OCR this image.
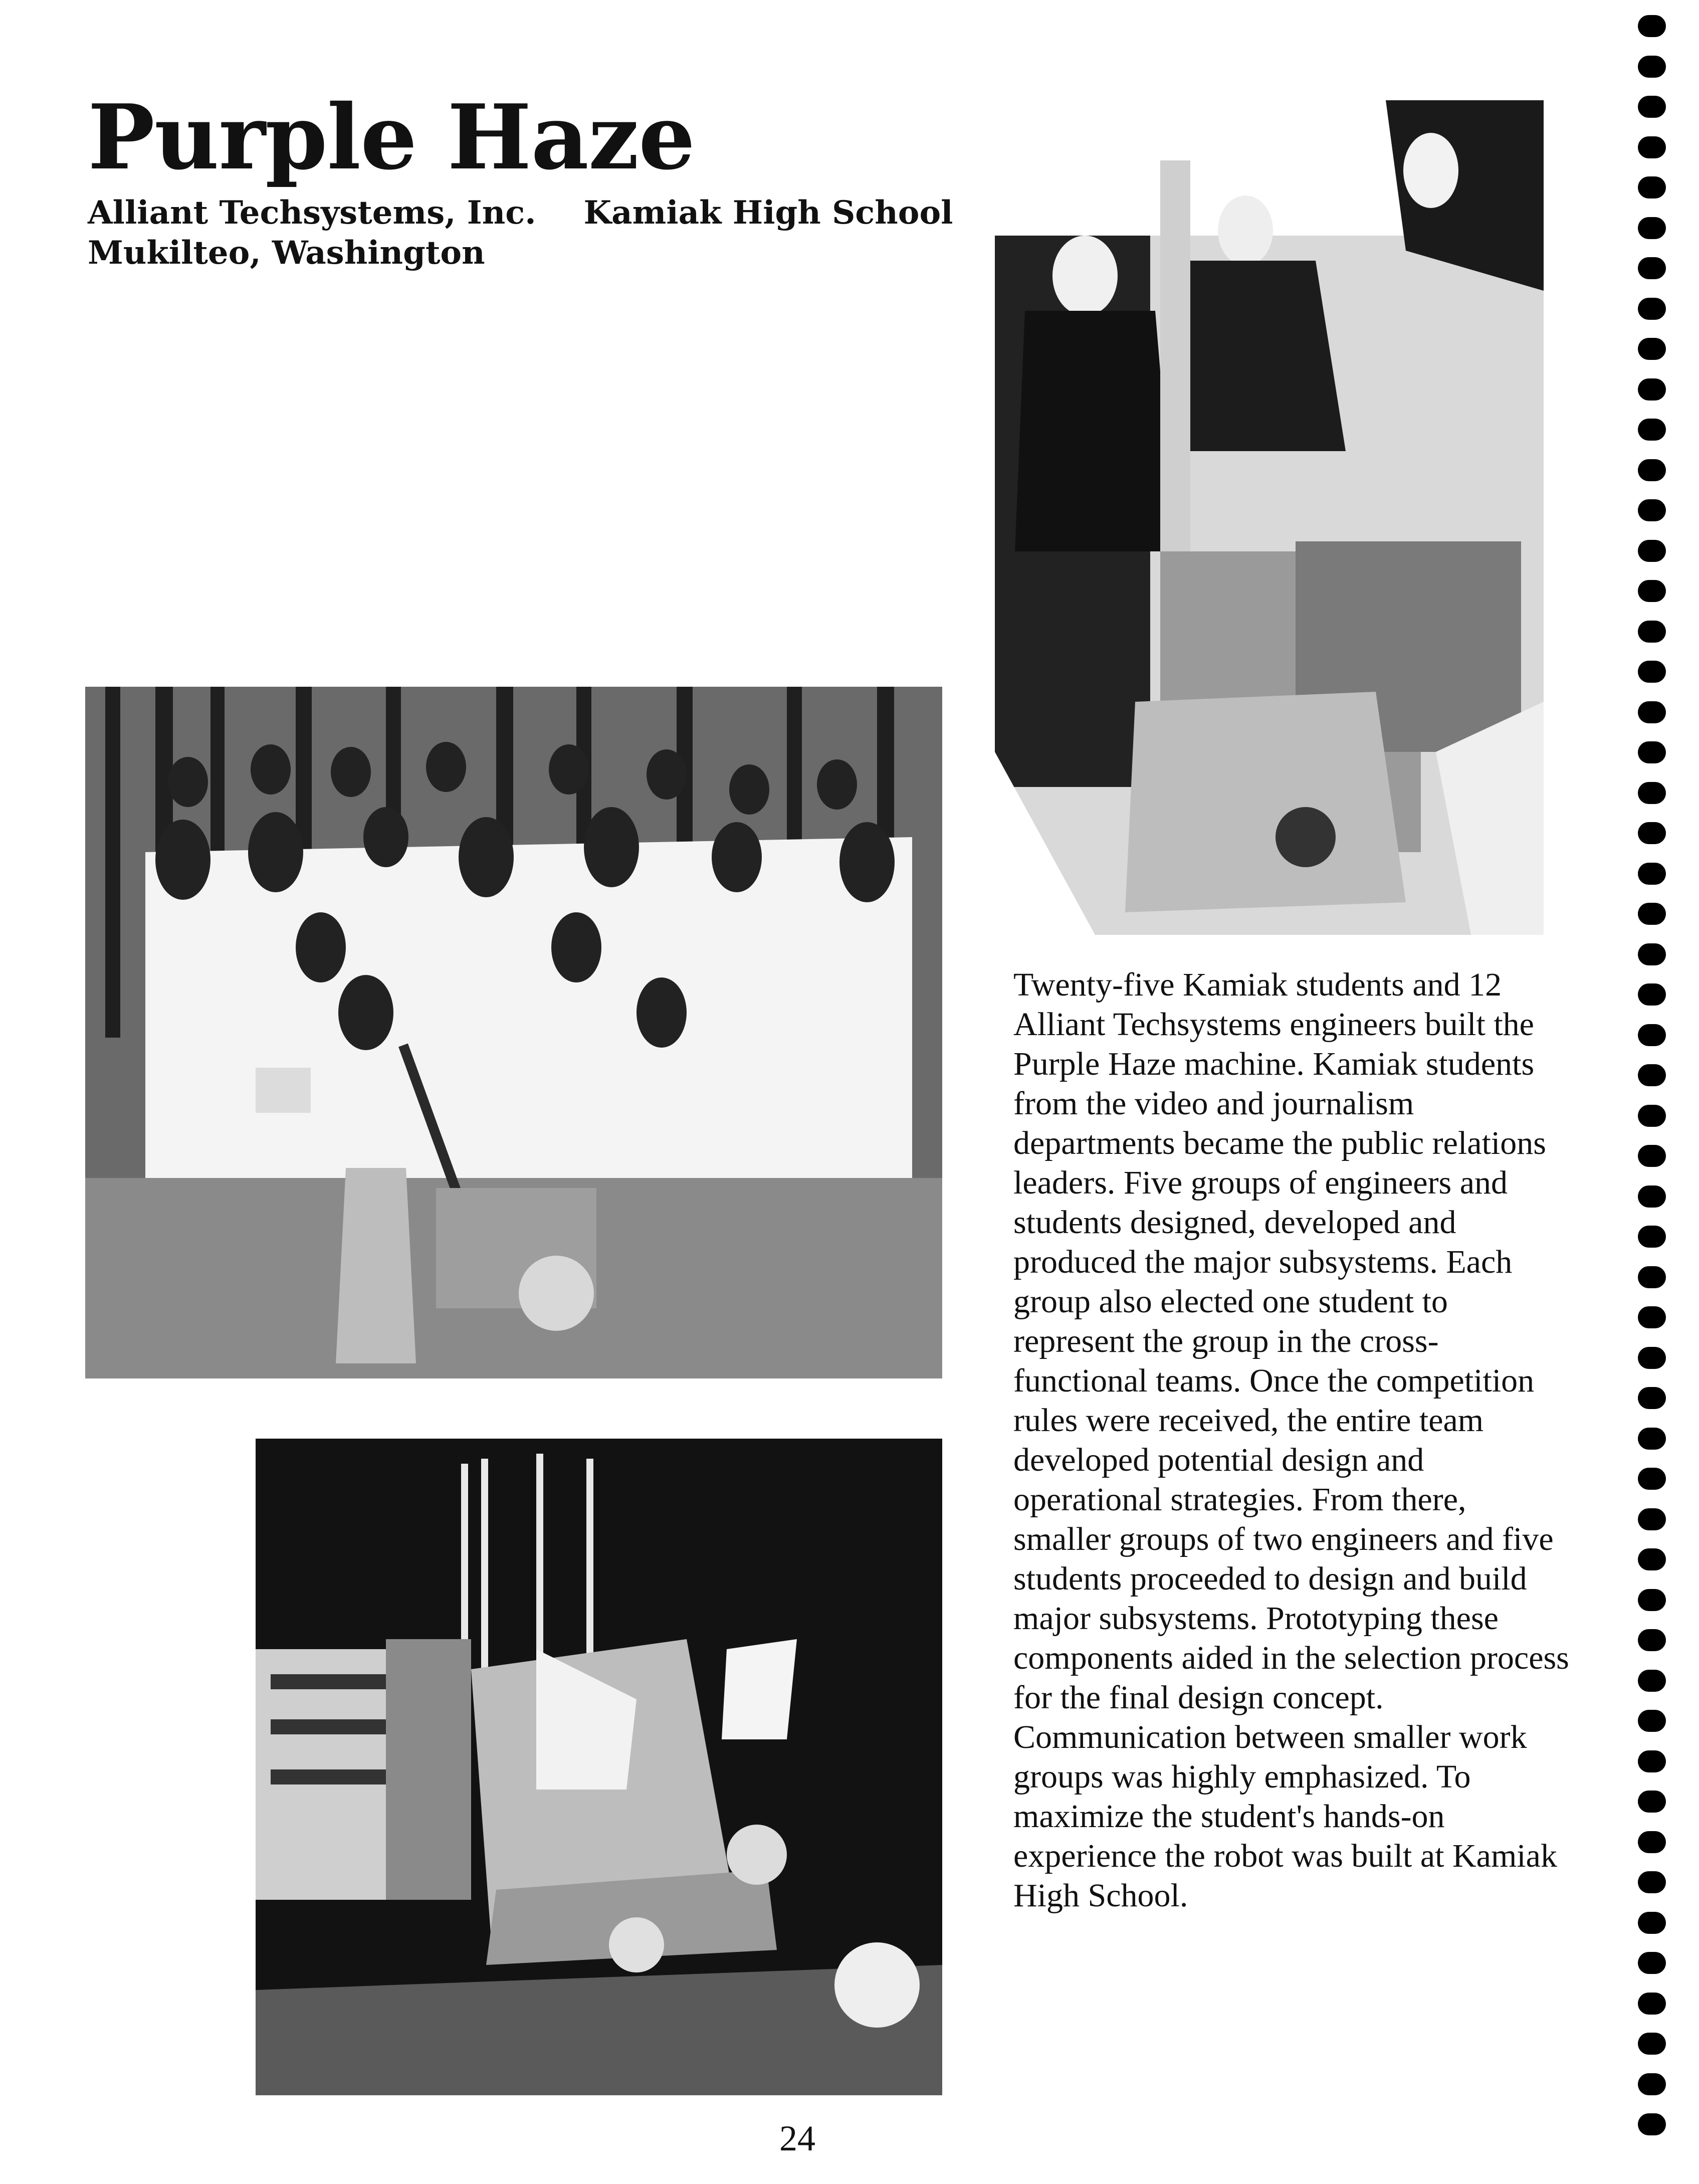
Purple Haze
Alliant Techsystems, Inc. Kamiak High School
Mukilteo, Washington
Twenty-five Kamiak students and 12 Alliant Techsystems engineers built the Purple Haze machine. Kamiak students from the video and journalism departments became the public relations leaders. Five groups of engineers and students designed, developed and produced the major subsystems. Each group also elected one student to represent the group in the cross-functional teams. Once the competition rules were received, the entire team developed potential design and operational strategies. From there, smaller groups of two engineers and five students proceeded to design and build major subsystems. Prototyping these components aided in the selection process for the final design concept. Communication between smaller work groups was highly emphasized. To maximize the student's hands-on experience the robot was built at Kamiak High School.
24
